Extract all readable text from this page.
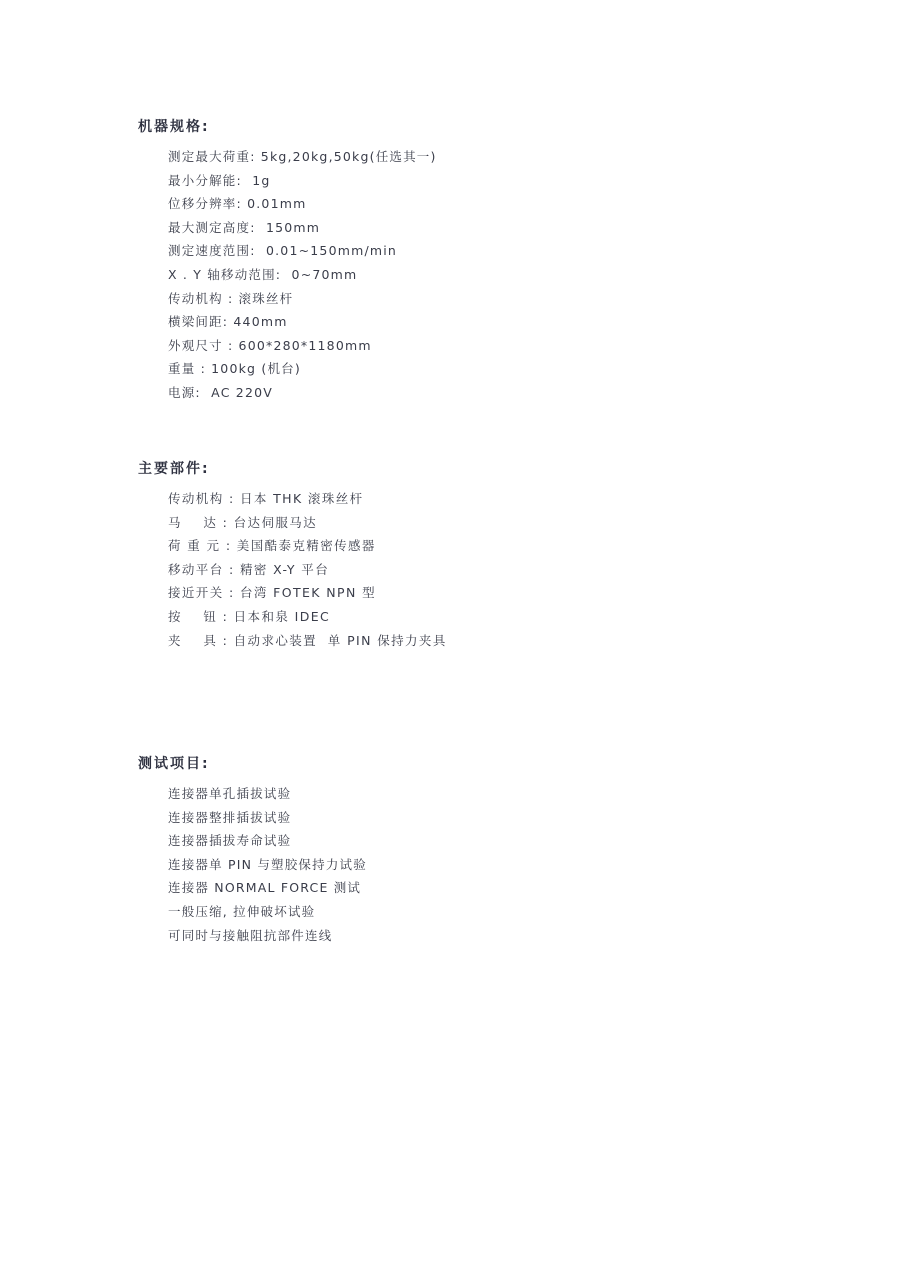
机器规格:
测定最大荷重: 5kg,20kg,50kg(任选其一)
最小分解能:  1g
位移分辨率: 0.01mm
最大测定高度:  150mm
测定速度范围:  0.01~150mm/min
X . Y 轴移动范围:  0~70mm
传动机构 : 滚珠丝杆
横梁间距: 440mm
外观尺寸 : 600*280*1180mm
重量 : 100kg (机台)
电源:  AC 220V
主要部件:
传动机构 : 日本 THK 滚珠丝杆
马    达 : 台达伺服马达
荷 重 元 : 美国酷泰克精密传感器
移动平台 : 精密 X-Y 平台
接近开关 : 台湾 FOTEK NPN 型
按    钮 : 日本和泉 IDEC
夹    具 : 自动求心装置  单 PIN 保持力夹具
测试项目:
连接器单孔插拔试验
连接器整排插拔试验
连接器插拔寿命试验
连接器单 PIN 与塑胶保持力试验
连接器 NORMAL FORCE 测试
一般压缩, 拉伸破坏试验
可同时与接触阻抗部件连线
